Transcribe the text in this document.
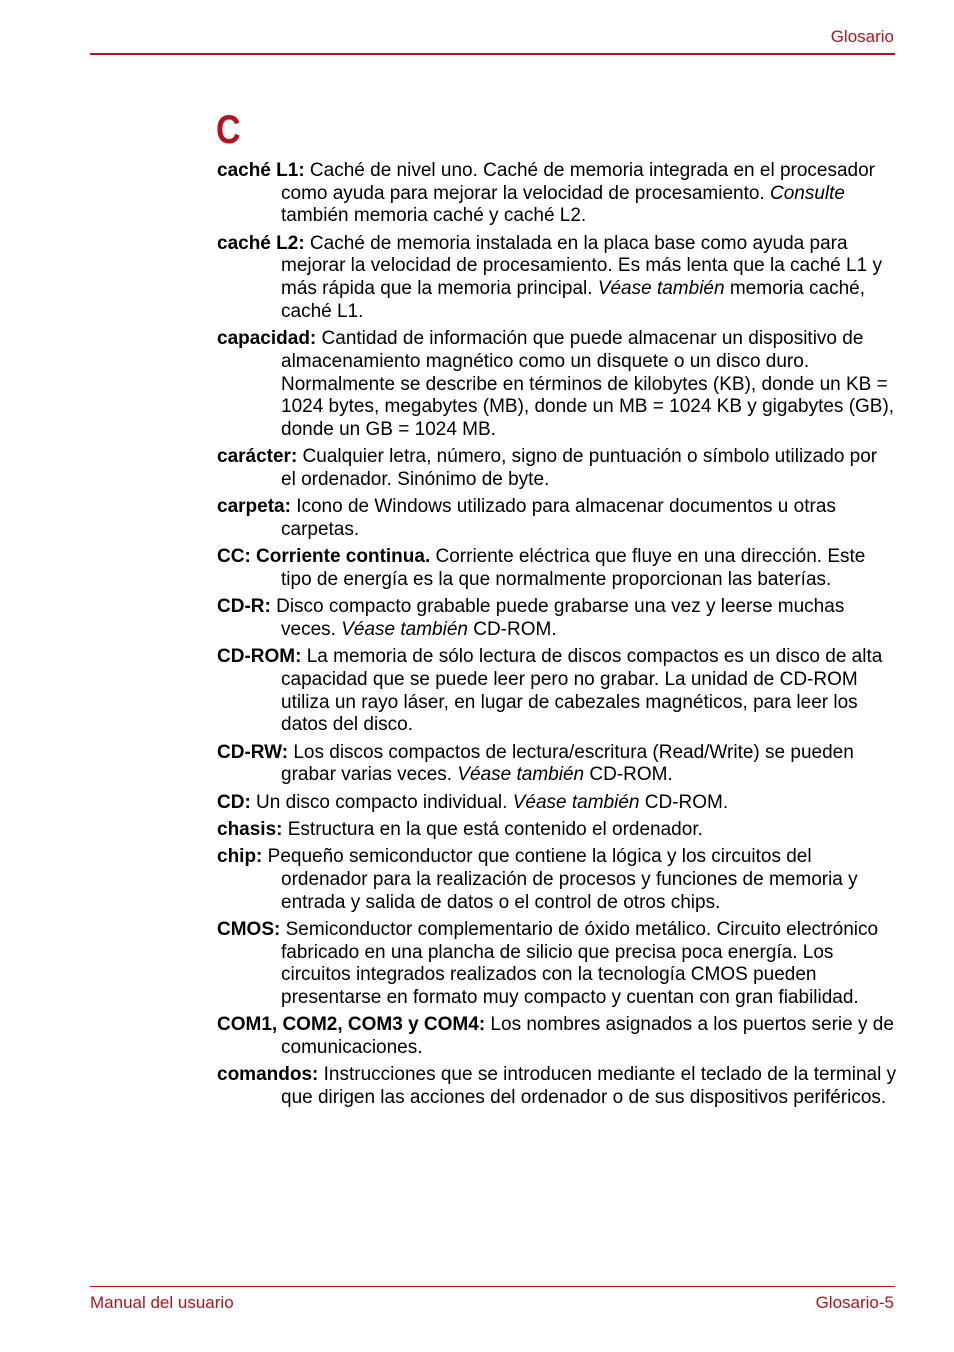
Glosario
C

caché L1: Caché de nivel uno. Caché de memoria integrada en el procesador como ayuda para mejorar la velocidad de procesamiento. Consulte también memoria caché y caché L2.

caché L2: Caché de memoria instalada en la placa base como ayuda para mejorar la velocidad de procesamiento. Es más lenta que la caché L1 y más rápida que la memoria principal. Véase también memoria caché, caché L1.

capacidad: Cantidad de información que puede almacenar un dispositivo de almacenamiento magnético como un disquete o un disco duro. Normalmente se describe en términos de kilobytes (KB), donde un KB = 1024 bytes, megabytes (MB), donde un MB = 1024 KB y gigabytes (GB), donde un GB = 1024 MB.

carácter: Cualquier letra, número, signo de puntuación o símbolo utilizado por el ordenador. Sinónimo de byte.

carpeta: Icono de Windows utilizado para almacenar documentos u otras carpetas.

CC: Corriente continua. Corriente eléctrica que fluye en una dirección. Este tipo de energía es la que normalmente proporcionan las baterías.

CD-R: Disco compacto grabable puede grabarse una vez y leerse muchas veces. Véase también CD-ROM.

CD-ROM: La memoria de sólo lectura de discos compactos es un disco de alta capacidad que se puede leer pero no grabar. La unidad de CD-ROM utiliza un rayo láser, en lugar de cabezales magnéticos, para leer los datos del disco.

CD-RW: Los discos compactos de lectura/escritura (Read/Write) se pueden grabar varias veces. Véase también CD-ROM.

CD: Un disco compacto individual. Véase también CD-ROM.

chasis: Estructura en la que está contenido el ordenador.

chip: Pequeño semiconductor que contiene la lógica y los circuitos del ordenador para la realización de procesos y funciones de memoria y entrada y salida de datos o el control de otros chips.

CMOS: Semiconductor complementario de óxido metálico. Circuito electrónico fabricado en una plancha de silicio que precisa poca energía. Los circuitos integrados realizados con la tecnología CMOS pueden presentarse en formato muy compacto y cuentan con gran fiabilidad.

COM1, COM2, COM3 y COM4: Los nombres asignados a los puertos serie y de comunicaciones.

comandos: Instrucciones que se introducen mediante el teclado de la terminal y que dirigen las acciones del ordenador o de sus dispositivos periféricos.

Manual del usuario	Glosario-5
